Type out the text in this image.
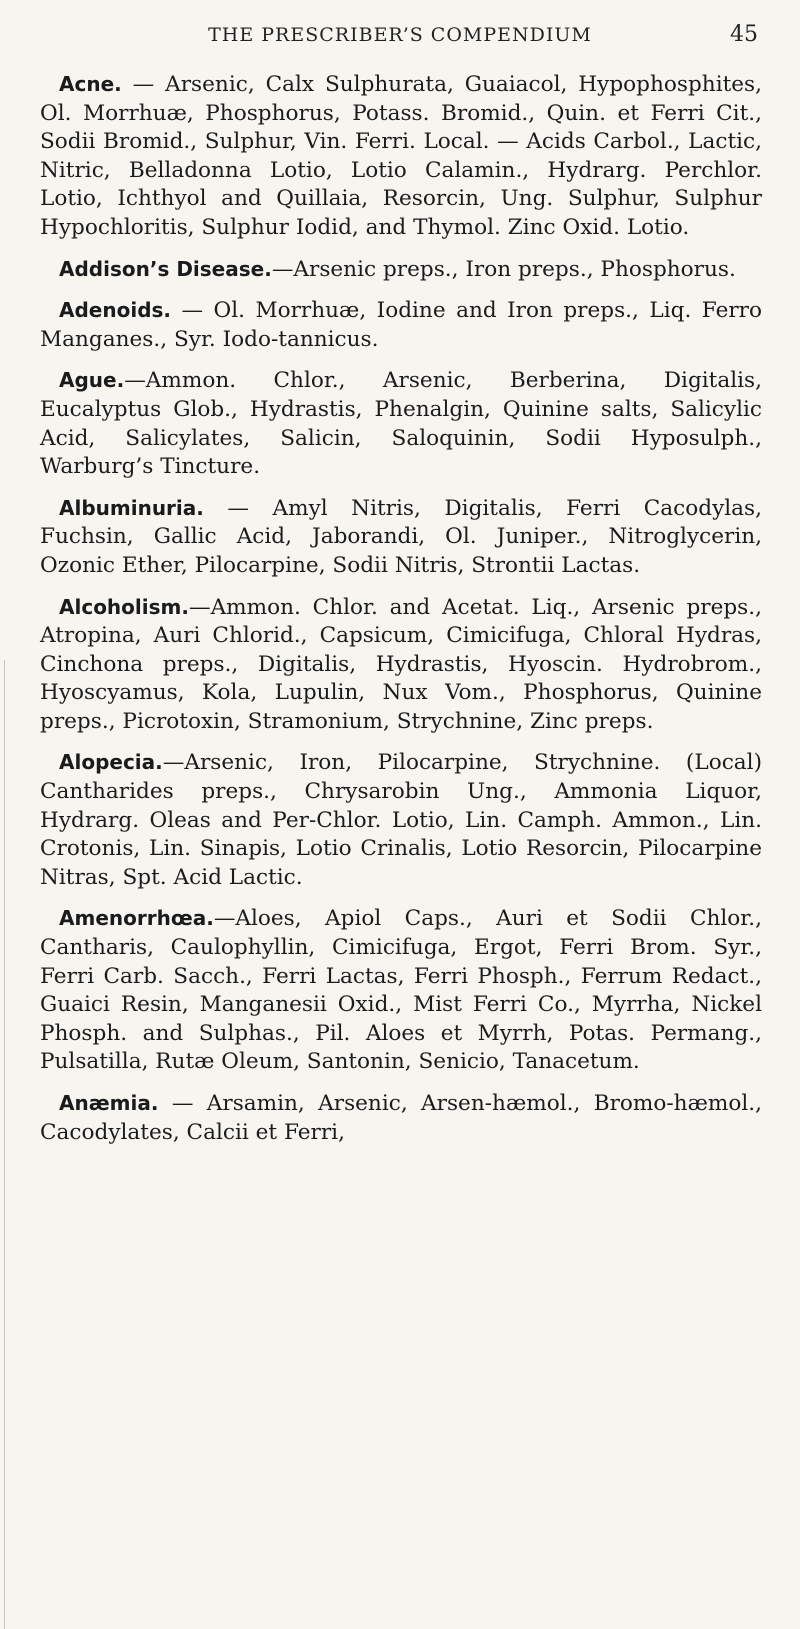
THE PRESCRIBER’S COMPENDIUM	45

Acne. — Arsenic, Calx Sulphurata, Guaiacol, Hypophosphites, Ol. Morrhuæ, Phosphorus, Potass. Bromid., Quin. et Ferri Cit., Sodii Bromid., Sulphur, Vin. Ferri. Local. — Acids Carbol., Lactic, Nitric, Belladonna Lotio, Lotio Calamin., Hydrarg. Perchlor. Lotio, Ichthyol and Quillaia, Resorcin, Ung. Sulphur, Sulphur Hypochloritis, Sulphur Iodid, and Thymol. Zinc Oxid. Lotio.

Addison’s Disease.—Arsenic preps., Iron preps., Phosphorus.

Adenoids. — Ol. Morrhuæ, Iodine and Iron preps., Liq. Ferro Manganes., Syr. Iodo-tannicus.

Ague.—Ammon. Chlor., Arsenic, Berberina, Digitalis, Eucalyptus Glob., Hydrastis, Phenalgin, Quinine salts, Salicylic Acid, Salicylates, Salicin, Saloquinin, Sodii Hyposulph., Warburg’s Tincture.

Albuminuria. — Amyl Nitris, Digitalis, Ferri Cacodylas, Fuchsin, Gallic Acid, Jaborandi, Ol. Juniper., Nitroglycerin, Ozonic Ether, Pilocarpine, Sodii Nitris, Strontii Lactas.

Alcoholism.—Ammon. Chlor. and Acetat. Liq., Arsenic preps., Atropina, Auri Chlorid., Capsicum, Cimicifuga, Chloral Hydras, Cinchona preps., Digitalis, Hydrastis, Hyoscin. Hydrobrom., Hyoscyamus, Kola, Lupulin, Nux Vom., Phosphorus, Quinine preps., Picrotoxin, Stramonium, Strychnine, Zinc preps.

Alopecia.—Arsenic, Iron, Pilocarpine, Strychnine. (Local) Cantharides preps., Chrysarobin Ung., Ammonia Liquor, Hydrarg. Oleas and Per-Chlor. Lotio, Lin. Camph. Ammon., Lin. Crotonis, Lin. Sinapis, Lotio Crinalis, Lotio Resorcin, Pilocarpine Nitras, Spt. Acid Lactic.

Amenorrhœa.—Aloes, Apiol Caps., Auri et Sodii Chlor., Cantharis, Caulophyllin, Cimicifuga, Ergot, Ferri Brom. Syr., Ferri Carb. Sacch., Ferri Lactas, Ferri Phosph., Ferrum Redact., Guaici Resin, Manganesii Oxid., Mist Ferri Co., Myrrha, Nickel Phosph. and Sulphas., Pil. Aloes et Myrrh, Potas. Permang., Pulsatilla, Rutæ Oleum, Santonin, Senicio, Tanacetum.

Anæmia. — Arsamin, Arsenic, Arsen-hæmol., Bromo-hæmol., Cacodylates, Calcii et Ferri,
